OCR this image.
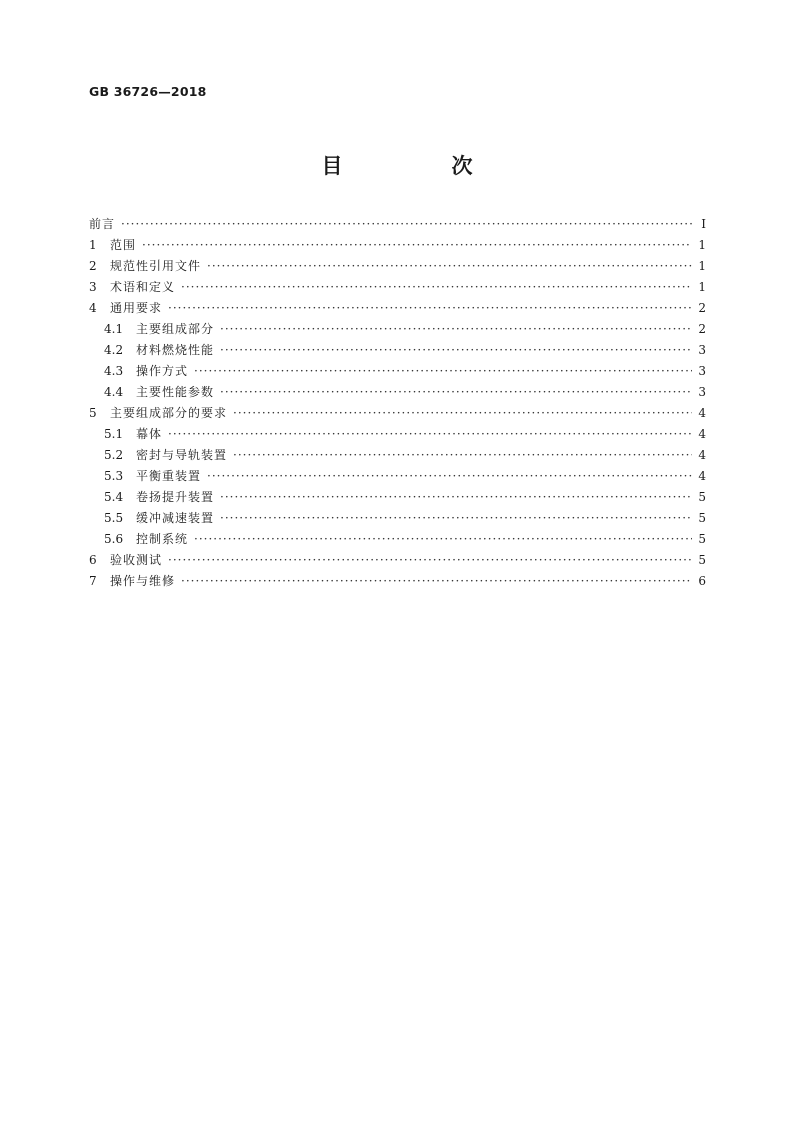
GB 36726—2018
目　次
前言 ·····	Ⅰ
1	范围 ·····	1
2	规范性引用文件 ·····	1
3	术语和定义 ·····	1
4	通用要求 ·····	2
4.1	主要组成部分 ·····	2
4.2	材料燃烧性能 ·····	3
4.3	操作方式 ·····	3
4.4	主要性能参数 ·····	3
5	主要组成部分的要求 ·····	4
5.1	幕体 ·····	4
5.2	密封与导轨装置 ·····	4
5.3	平衡重装置 ·····	4
5.4	卷扬提升装置 ·····	5
5.5	缓冲减速装置 ·····	5
5.6	控制系统 ·····	5
6	验收测试 ·····	5
7	操作与维修 ·····	6
